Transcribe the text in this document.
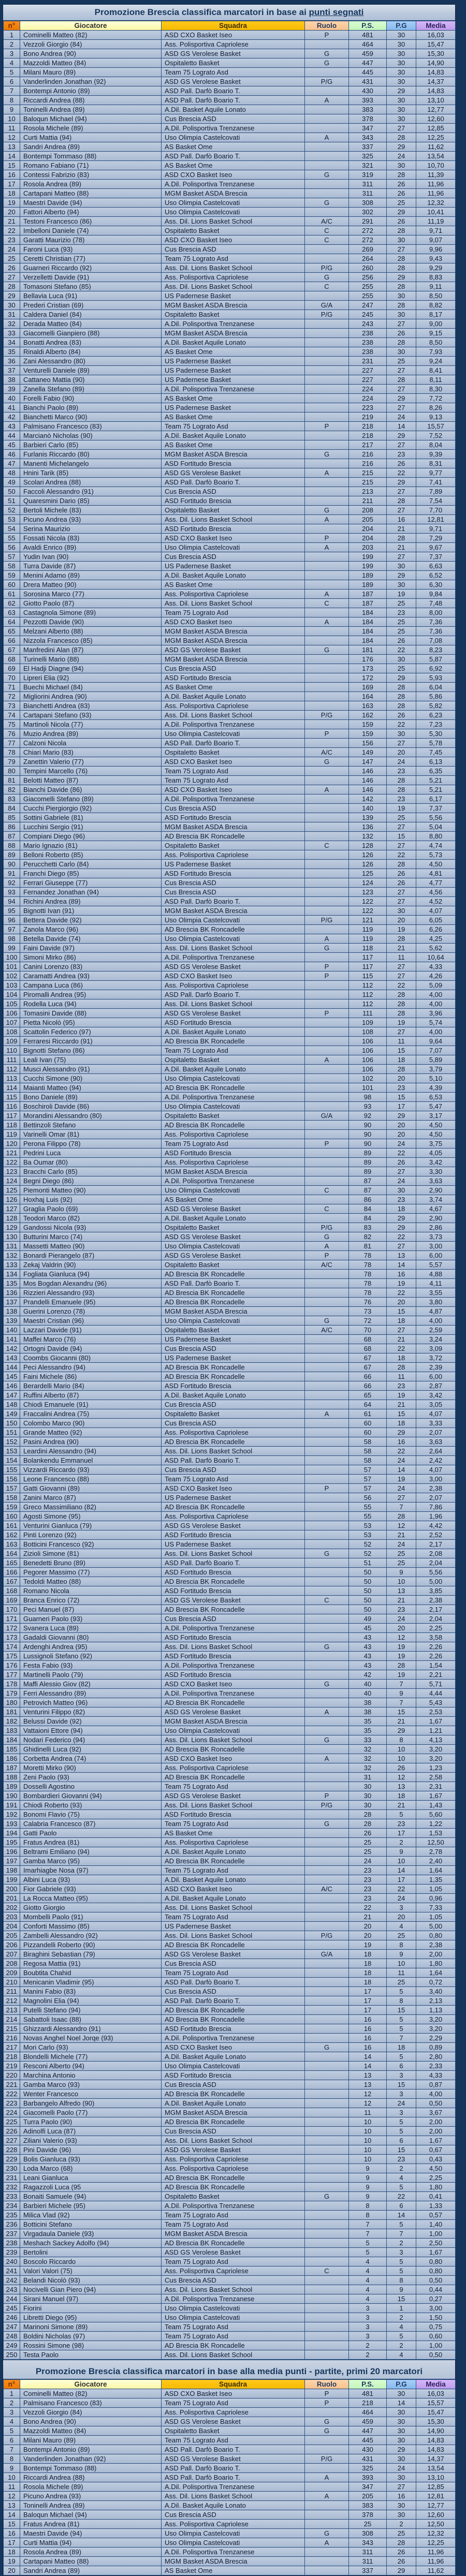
Promozione Brescia classifica marcatori in base ai punti segnati
n°	Giocatore	Squadra	Ruolo	P.S.	P.G	Media
1	Cominelli Matteo (82)	ASD CXO Basket Iseo	P	481	30	16,03
2	Vezzoli Giorgio (84)	Ass. Polisportiva Capriolese		464	30	15,47
3	Bono Andrea (90)	ASD GS Verolese Basket	G	459	30	15,30
4	Mazzoldi Matteo (84)	Ospitaletto Basket	G	447	30	14,90
5	Milani Mauro (89)	Team 75 Lograto Asd		445	30	14,83
6	Vanderlinden Jonathan (92)	ASD GS Verolese Basket	P/G	431	30	14,37
7	Bontempi Antonio (89)	ASD Pall. Darfò Boario T.		430	29	14,83
8	Riccardi Andrea (88)	ASD Pall. Darfò Boario T.	A	393	30	13,10
9	Toninelli Andrea (89)	A.Dil. Basket Aquile Lonato		383	30	12,77
10	Baloqun Michael (94)	Cus Brescia ASD		378	30	12,60
11	Rosola Michele (89)	A.Dil. Polisportiva Trenzanese		347	27	12,85
12	Curti Mattia (94)	Uso Olimpia Castelcovati	A	343	28	12,25
13	Sandri Andrea (89)	AS Basket Ome		337	29	11,62
14	Bontempi Tommaso (88)	ASD Pall. Darfò Boario T.		325	24	13,54
15	Romano Fabiano (71)	AS Basket Ome		321	30	10,70
16	Contessi Fabrizio (83)	ASD CXO Basket Iseo	G	319	28	11,39
17	Rosola Andrea (89)	A.Dil. Polisportiva Trenzanese		311	26	11,96
18	Cartapani Matteo (88)	MGM Basket ASDA Brescia		311	26	11,96
19	Maestri Davide (94)	Uso Olimpia Castelcovati	G	308	25	12,32
20	Fattori Alberto (94)	Uso Olimpia Castelcovati		302	29	10,41
21	Testoni Francesco (86)	Ass. Dil. Lions Basket School	A/C	291	26	11,19
22	Imbelloni Daniele (74)	Ospitaletto Basket	C	272	28	9,71
23	Garatti Maurizio (78)	ASD CXO Basket Iseo	C	272	30	9,07
24	Faroni Luca (93)	Cus Brescia ASD		269	27	9,96
25	Ceretti Christian (77)	Team 75 Lograto Asd		264	28	9,43
26	Guarneri Riccardo (92)	Ass. Dil. Lions Basket School	P/G	260	28	9,29
27	Verzelletti Davide (91)	Ass. Polisportiva Capriolese	G	256	29	8,83
28	Tomasoni Stefano (85)	Ass. Dil. Lions Basket School	C	255	28	9,11
29	Bellavia Luca (91)	US Padernese Basket		255	30	8,50
30	Prederi Cristian (69)	MGM Basket ASDA Brescia	G/A	247	28	8,82
31	Caldera Daniel (84)	Ospitaletto Basket	P/G	245	30	8,17
32	Derada Matteo (84)	A.Dil. Polisportiva Trenzanese		243	27	9,00
33	Giacomelli Gianpiero (88)	MGM Basket ASDA Brescia		238	26	9,15
34	Bonatti Andrea (83)	A.Dil. Basket Aquile Lonato		238	28	8,50
35	Rinaldi Alberto (84)	AS Basket Ome		238	30	7,93
36	Zani Alessandro (80)	US Padernese Basket		231	25	9,24
37	Venturelli Daniele (89)	US Padernese Basket		227	27	8,41
38	Cattaneo Mattia (90)	US Padernese Basket		227	28	8,11
39	Zanella Stefano (89)	A.Dil. Polisportiva Trenzanese		224	27	8,30
40	Forelli Fabio (90)	AS Basket Ome		224	29	7,72
41	Bianchi Paolo (89)	US Padernese Basket		223	27	8,26
42	Bianchetti Marco (90)	AS Basket Ome		219	24	9,13
43	Palmisano Francesco (83)	Team 75 Lograto Asd	P	218	14	15,57
44	Marcianò Nicholas (90)	A.Dil. Basket Aquile Lonato		218	29	7,52
45	Barbieri Carlo (85)	AS Basket Ome		217	27	8,04
46	Furlanis Riccardo (80)	MGM Basket ASDA Brescia	G	216	23	9,39
47	Manenti Michelangelo	ASD Fortitudo Brescia		216	26	8,31
48	Hnini Tarik (85)	ASD GS Verolese Basket	A	215	22	9,77
49	Scolari Andrea (88)	ASD Pall. Darfò Boario T.		215	29	7,41
50	Faccoli Alessandro (91)	Cus Brescia ASD		213	27	7,89
51	Quaresmini Dario (85)	ASD Fortitudo Brescia		211	28	7,54
52	Bertoli Michele (83)	Ospitaletto Basket	G	208	27	7,70
53	Picuno Andrea (93)	Ass. Dil. Lions Basket School	A	205	16	12,81
54	Serina Maurizio	ASD Fortitudo Brescia		204	21	9,71
55	Fossati Nicola (83)	ASD CXO Basket Iseo	P	204	28	7,29
56	Avaldi Enrico (89)	Uso Olimpia Castelcovati	A	203	21	9,67
57	Yudin Ivan (90)	Cus Brescia ASD		199	27	7,37
58	Turra Davide (87)	US Padernese Basket		199	30	6,63
59	Menini Adamo (89)	A.Dil. Basket Aquile Lonato		189	29	6,52
60	Drera Matteo (90)	AS Basket Ome		189	30	6,30
61	Sorosina Marco (77)	Ass. Polisportiva Capriolese	A	187	19	9,84
62	Giotto Paolo (87)	Ass. Dil. Lions Basket School	C	187	25	7,48
63	Castagnola Simone (89)	Team 75 Lograto Asd		184	23	8,00
64	Pezzotti Davide (90)	ASD CXO Basket Iseo	A	184	25	7,36
65	Melzani Alberto (88)	MGM Basket ASDA Brescia		184	25	7,36
66	Nizzola Francesco (85)	MGM Basket ASDA Brescia		184	26	7,08
67	Manfredini Alan (87)	ASD GS Verolese Basket	G	181	22	8,23
68	Turinelli Mario (88)	MGM Basket ASDA Brescia		176	30	5,87
69	El Hadji Diagne (94)	Cus Brescia ASD		173	25	6,92
70	Lipreri Elia (92)	ASD Fortitudo Brescia		172	29	5,93
71	Buechi Michael (84)	AS Basket Ome		169	28	6,04
72	Migliorini Andrea (90)	A.Dil. Basket Aquile Lonato		164	28	5,86
73	Bianchetti Andrea (83)	Ass. Polisportiva Capriolese		163	28	5,82
74	Cartapani Stefano (93)	Ass. Dil. Lions Basket School	P/G	162	26	6,23
75	Martinoli Nicola (77)	A.Dil. Polisportiva Trenzanese		159	22	7,23
76	Muzio Andrea (89)	Uso Olimpia Castelcovati	P	159	30	5,30
77	Calzoni Nicola	ASD Pall. Darfò Boario T.		156	27	5,78
78	Chiari Mario (83)	Ospitaletto Basket	A/C	149	20	7,45
79	Zanettin Valerio (77)	ASD CXO Basket Iseo	G	147	24	6,13
80	Tempini Marcello (76)	Team 75 Lograto Asd		146	23	6,35
81	Belotti Matteo (87)	Team 75 Lograto Asd		146	28	5,21
82	Bianchi Davide (86)	ASD CXO Basket Iseo	A	146	28	5,21
83	Giacomelli Stefano (89)	A.Dil. Polisportiva Trenzanese		142	23	6,17
84	Cucchi Piergiorgio (92)	Cus Brescia ASD		140	19	7,37
85	Sottini Gabriele (81)	ASD Fortitudo Brescia		139	25	5,56
86	Lucchini Sergio (91)	MGM Basket ASDA Brescia		136	27	5,04
87	Compiani Diego (96)	AD Brescia BK Roncadelle		132	15	8,80
88	Mario Ignazio (81)	Ospitaletto Basket	C	128	27	4,74
89	Belloni Roberto (85)	Ass. Polisportiva Capriolese		126	22	5,73
90	Perucchetti Carlo (84)	US Padernese Basket		126	28	4,50
91	Franchi Diego (85)	ASD Fortitudo Brescia		125	26	4,81
92	Ferrari Giuseppe (77)	Cus Brescia ASD		124	26	4,77
93	Fernandez Jonathan (94)	Cus Brescia ASD		123	27	4,56
94	Richini Andrea (89)	ASD Pall. Darfò Boario T.		122	27	4,52
95	Bignotti Ivan (91)	MGM Basket ASDA Brescia		122	30	4,07
96	Bettera Davide (92)	Uso Olimpia Castelcovati	P/G	121	20	6,05
97	Zanola Marco (96)	AD Brescia BK Roncadelle		119	19	6,26
98	Betella Davide (74)	Uso Olimpia Castelcovati	A	119	28	4,25
99	Faini Davide (97)	Ass. Dil. Lions Basket School	G	118	21	5,62
100	Simoni Mirko (86)	A.Dil. Polisportiva Trenzanese		117	11	10,64
101	Canini Lorenzo (83)	ASD GS Verolese Basket	P	117	27	4,33
102	Caramatti Andrea (93)	ASD CXO Basket Iseo	P	115	27	4,26
103	Campana Luca (86)	Ass. Polisportiva Capriolese		112	22	5,09
104	Piromalli Andrea (95)	ASD Pall. Darfò Boario T.		112	28	4,00
105	Rodella Luca (94)	Ass. Dil. Lions Basket School		112	28	4,00
106	Tomasini Davide (88)	ASD GS Verolese Basket	P	111	28	3,96
107	Pietta Nicolò (95)	ASD Fortitudo Brescia		109	19	5,74
108	Scattolin Federico (97)	A.Dil. Basket Aquile Lonato		108	27	4,00
109	Ferraresi Riccardo (91)	AD Brescia BK Roncadelle		106	11	9,64
110	Bignotti Stefano (86)	Team 75 Lograto Asd		106	15	7,07
111	Leali Ivan (75)	Ospitaletto Basket	A	106	18	5,89
112	Musci Alessandro (91)	A.Dil. Basket Aquile Lonato		106	28	3,79
113	Cucchi Simone (90)	Uso Olimpia Castelcovati		102	20	5,10
114	Maianti Matteo (94)	AD Brescia BK Roncadelle		101	23	4,39
115	Bono Daniele (89)	A.Dil. Polisportiva Trenzanese		98	15	6,53
116	Boschiroli Davide (86)	Uso Olimpia Castelcovati		93	17	5,47
117	Morandini Alessandro (80)	Ospitaletto Basket	G/A	92	29	3,17
118	Bettinzoli Stefano	AD Brescia BK Roncadelle		90	20	4,50
119	Varinelli Omar (81)	Ass. Polisportiva Capriolese		90	20	4,50
120	Perona Filippo (78)	Team 75 Lograto Asd	P	90	24	3,75
121	Pedrini Luca	ASD Fortitudo Brescia		89	22	4,05
122	Ba Oumar (80)	Ass. Polisportiva Capriolese		89	26	3,42
123	Bracchi Carlo (85)	MGM Basket ASDA Brescia		89	27	3,30
124	Begni Diego (86)	A.Dil. Polisportiva Trenzanese		87	24	3,63
125	Piemonti Matteo (90)	Uso Olimpia Castelcovati	C	87	30	2,90
126	Hoxhaj Luis (92)	AS Basket Ome		86	23	3,74
127	Graglia Paolo (69)	ASD GS Verolese Basket	C	84	18	4,67
128	Teodori Marco (82)	A.Dil. Basket Aquile Lonato		84	29	2,90
129	Gandossi Nicola (93)	Ospitaletto Basket	P/G	83	29	2,86
130	Butturini Marco (74)	ASD GS Verolese Basket	G	82	22	3,73
131	Massetti Matteo (90)	Uso Olimpia Castelcovati	A	81	27	3,00
132	Bonardi Pierangelo (87)	ASD GS Verolese Basket	P	78	13	6,00
133	Zekaj Valdrin (90)	Ospitaletto Basket	A/C	78	14	5,57
134	Fogliata Gianluca (94)	AD Brescia BK Roncadelle		78	16	4,88
135	Mos Bogdan Alexandru (96)	ASD Pall. Darfò Boario T.		78	19	4,11
136	Rizzieri Alessandro (93)	AD Brescia BK Roncadelle		78	22	3,55
137	Prandelli Emanuele (95)	AD Brescia BK Roncadelle		76	20	3,80
138	Guerini Lorenzo (78)	MGM Basket ASDA Brescia		73	15	4,87
139	Maestri Cristian (96)	Uso Olimpia Castelcovati	G	72	18	4,00
140	Lazzari Davide (91)	Ospitaletto Basket	A/C	70	27	2,59
141	Maffei Marco (76)	US Padernese Basket		68	21	3,24
142	Ortogni Davide (94)	Cus Brescia ASD		68	22	3,09
143	Coombs Giocanni (80)	US Padernese Basket		67	18	3,72
144	Peci Alessandro (94)	AD Brescia BK Roncadelle		67	28	2,39
145	Faini Michele (86)	AD Brescia BK Roncadelle		66	11	6,00
146	Berardelli Mario (84)	ASD Fortitudo Brescia		66	23	2,87
147	Ruffini Alberto (87)	A.Dil. Basket Aquile Lonato		65	19	3,42
148	Chiodi Emanuele (91)	Cus Brescia ASD		64	21	3,05
149	Fraccalini Andrea (75)	Ospitaletto Basket	A	61	15	4,07
150	Colombo Marco (90)	Cus Brescia ASD		60	18	3,33
151	Grande Matteo (92)	Ass. Polisportiva Capriolese		60	29	2,07
152	Pasini Andrea (90)	AD Brescia BK Roncadelle		58	16	3,63
153	Leardini Alessandro (94)	Ass. Dil. Lions Basket School		58	22	2,64
154	Bolankendu Emmanuel	ASD Pall. Darfò Boario T.		58	24	2,42
155	Vizzardi Riccardo (93)	Cus Brescia ASD		57	14	4,07
156	Leone Francesco (88)	Team 75 Lograto Asd		57	19	3,00
157	Gatti Giovanni (89)	ASD CXO Basket Iseo	P	57	24	2,38
158	Zanini Marco (87)	US Padernese Basket		56	27	2,07
159	Greco Massimiliano (82)	AD Brescia BK Roncadelle		55	7	7,86
160	Agosti Simone (95)	Ass. Polisportiva Capriolese		55	28	1,96
161	Venturini Gianluca (79)	ASD GS Verolese Basket		53	12	4,42
162	Pinti Lorenzo (92)	ASD Fortitudo Brescia		53	21	2,52
163	Botticini Francesco (92)	US Padernese Basket		52	24	2,17
164	Zizioli Simone (81)	Ass. Dil. Lions Basket School	G	52	25	2,08
165	Benedetti Bruno (89)	ASD Pall. Darfò Boario T.		51	25	2,04
166	Pegorer Massimo (77)	ASD Fortitudo Brescia		50	9	5,56
167	Tedoldi Matteo (88)	AD Brescia BK Roncadelle		50	10	5,00
168	Romano Nicola	ASD Fortitudo Brescia		50	13	3,85
169	Branca Enrico (72)	ASD GS Verolese Basket	C	50	21	2,38
170	Peci Manuel (87)	AD Brescia BK Roncadelle		50	23	2,17
171	Guarneri Paolo (93)	Cus Brescia ASD		49	24	2,04
172	Svanera Luca (89)	A.Dil. Polisportiva Trenzanese		45	20	2,25
173	Gadaldi Giovanni (80)	ASD Fortitudo Brescia		43	12	3,58
174	Ardenghi Andrea (95)	Ass. Dil. Lions Basket School	G	43	19	2,26
175	Lussignoli Stefano (92)	ASD Fortitudo Brescia		43	19	2,26
176	Festa Fabio (93)	A.Dil. Polisportiva Trenzanese		43	28	1,54
177	Martinelli Paolo (79)	ASD Fortitudo Brescia		42	19	2,21
178	Maffi Alessio Giov (82)	ASD CXO Basket Iseo	G	40	7	5,71
179	Ferri Alessandro (89)	A.Dil. Polisportiva Trenzanese		40	9	4,44
180	Petrovich Matteo (96)	AD Brescia BK Roncadelle		38	7	5,43
181	Venturini Filippo (82)	ASD GS Verolese Basket	A	38	15	2,53
182	Belussi Davide (92)	MGM Basket ASDA Brescia		35	21	1,67
183	Vattaioni Ettore (94)	Uso Olimpia Castelcovati		35	29	1,21
184	Nodari Federico (94)	Ass. Dil. Lions Basket School	G	33	8	4,13
185	Ghidinelli Luca (92)	AD Brescia BK Roncadelle		32	10	3,20
186	Corbetta Andrea (74)	ASD CXO Basket Iseo	A	32	10	3,20
187	Moretti Mirko (90)	Ass. Polisportiva Capriolese		32	26	1,23
188	Zeni Paolo (93)	AD Brescia BK Roncadelle		31	12	2,58
189	Dosselli Agostino	Team 75 Lograto Asd		30	13	2,31
190	Bombardieri Giovanni (94)	ASD GS Verolese Basket	P	30	18	1,67
191	Chiodi Roberto (93)	Ass. Dil. Lions Basket School	P/G	30	21	1,43
192	Bonomi Flavio (75)	ASD Fortitudo Brescia		28	5	5,60
193	Calabria Francesco (87)	Team 75 Lograto Asd	G	28	23	1,22
194	Gatti Paolo	AS Basket Ome		26	17	1,53
195	Fratus Andrea (81)	Ass. Polisportiva Capriolese		25	2	12,50
196	Beltrami Emiliano (94)	A.Dil. Basket Aquile Lonato		25	9	2,78
197	Gamba Marco (95)	AD Brescia BK Roncadelle		24	10	2,40
198	Imarhiagbe Nosa (97)	Team 75 Lograto Asd		23	14	1,64
199	Albini Luca (93)	A.Dil. Basket Aquile Lonato		23	17	1,35
200	Fior Gabriele (93)	ASD CXO Basket Iseo	A/C	23	22	1,05
201	La Rocca Matteo (95)	A.Dil. Basket Aquile Lonato		23	24	0,96
202	Giotto Giorgio	Ass. Dil. Lions Basket School		22	3	7,33
203	Mombelli Paolo (91)	Team 75 Lograto Asd		21	20	1,05
204	Conforti Massimo (85)	US Padernese Basket		20	4	5,00
205	Zambelli Alessandro (92)	Ass. Dil. Lions Basket School	P/G	20	25	0,80
206	Pizzandelli Roberto (90)	AD Brescia BK Roncadelle		19	8	2,38
207	Biraghini Sebastian (79)	ASD GS Verolese Basket	G/A	18	9	2,00
208	Regosa Mattia (91)	Cus Brescia ASD		18	10	1,80
209	Boubtita Chahid	Team 75 Lograto Asd		18	11	1,64
210	Menicanin Vladimir (95)	ASD Pall. Darfò Boario T.		18	25	0,72
211	Manini Fabio (83)	Cus Brescia ASD		17	5	3,40
212	Magnolini Elia (94)	ASD Pall. Darfò Boario T.		17	8	2,13
213	Putelli Stefano (94)	AD Brescia BK Roncadelle		17	15	1,13
214	Sabattoli Isaac (88)	AD Brescia BK Roncadelle		16	5	3,20
215	Ghizzardi Alessandro (91)	ASD Fortitudo Brescia		16	5	3,20
216	Novas Anghel Noel Jorqe (93)	A.Dil. Polisportiva Trenzanese		16	7	2,29
217	Mori Carlo (93)	ASD CXO Basket Iseo	G	16	18	0,89
218	Blondelli Michele (77)	A.Dil. Basket Aquile Lonato		14	5	2,80
219	Resconi Alberto (94)	Uso Olimpia Castelcovati		14	6	2,33
220	Marchina Antonio	ASD Fortitudo Brescia		13	3	4,33
221	Gamba Marco (93)	Cus Brescia ASD		13	15	0,87
222	Wenter Francesco	AD Brescia BK Roncadelle		12	3	4,00
223	Barbangelo Alfredo (90)	A.Dil. Basket Aquile Lonato		12	24	0,50
224	Giacomelli Paolo (77)	MGM Basket ASDA Brescia		11	3	3,67
225	Turra Paolo (90)	AD Brescia BK Roncadelle		10	5	2,00
226	Adinolfi Luca (87)	Cus Brescia ASD		10	5	2,00
227	Ziliani Valerio (93)	Ass. Dil. Lions Basket School		10	6	1,67
228	Pini Davide (96)	ASD GS Verolese Basket		10	15	0,67
229	Bolis Gianluca (93)	Ass. Polisportiva Capriolese		10	23	0,43
230	Loda Marco (68)	Ass. Polisportiva Capriolese		9	2	4,50
231	Leani Gianluca	AD Brescia BK Roncadelle		9	4	2,25
232	Ragazzoli Luca (95	AD Brescia BK Roncadelle		9	5	1,80
233	Bonaiti Samuele (94)	Ospitaletto Basket	G	9	22	0,41
234	Barbieri Michele (95)	A.Dil. Polisportiva Trenzanese		8	6	1,33
235	Milica Vlad (92)	Team 75 Lograto Asd		8	14	0,57
236	Botticini Stefano	Team 75 Lograto Asd		7	5	1,40
237	Virgadaula Daniele (93)	MGM Basket ASDA Brescia		7	7	1,00
238	Meshach Sackey Adolfo (94)	AD Brescia BK Roncadelle		5	2	2,50
239	Bertolini	ASD GS Verolese Basket		5	3	1,67
240	Boscolo Riccardo	Team 75 Lograto Asd		4	5	0,80
241	Valori Valori (75)	Ass. Polisportiva Capriolese	C	4	5	0,80
242	Belandi Nicolò (93)	Cus Brescia ASD		4	8	0,50
243	Nocivelli Gian Piero (94)	Ass. Dil. Lions Basket School		4	9	0,44
244	Sirani Manuel (97)	A.Dil. Polisportiva Trenzanese		4	15	0,27
245	Fiorini	Uso Olimpia Castelcovati		3	1	3,00
246	Libretti Diego (95)	Uso Olimpia Castelcovati		3	2	1,50
247	Marinoni Simone (89)	Team 75 Lograto Asd		3	4	0,75
248	Boldini Nicholas (97)	Team 75 Lograto Asd		3	5	0,60
249	Rossini Simone (98)	AD Brescia BK Roncadelle		2	2	1,00
250	Testa Paolo	Ass. Dil. Lions Basket School		2	4	0,50
Promozione Brescia classifica marcatori in base alla media punti - partite, primi 20 marcatori
n°	Giocatore	Squadra	Ruolo	P.S.	P.G	Media
1	Cominelli Matteo (82)	ASD CXO Basket Iseo	P	481	30	16,03
2	Palmisano Francesco (83)	Team 75 Lograto Asd	P	218	14	15,57
3	Vezzoli Giorgio (84)	Ass. Polisportiva Capriolese		464	30	15,47
4	Bono Andrea (90)	ASD GS Verolese Basket	G	459	30	15,30
5	Mazzoldi Matteo (84)	Ospitaletto Basket	G	447	30	14,90
6	Milani Mauro (89)	Team 75 Lograto Asd		445	30	14,83
7	Bontempi Antonio (89)	ASD Pall. Darfò Boario T.		430	29	14,83
8	Vanderlinden Jonathan (92)	ASD GS Verolese Basket	P/G	431	30	14,37
9	Bontempi Tommaso (88)	ASD Pall. Darfò Boario T.		325	24	13,54
10	Riccardi Andrea (88)	ASD Pall. Darfò Boario T.	A	393	30	13,10
11	Rosola Michele (89)	A.Dil. Polisportiva Trenzanese		347	27	12,85
12	Picuno Andrea (93)	Ass. Dil. Lions Basket School	A	205	16	12,81
13	Toninelli Andrea (89)	A.Dil. Basket Aquile Lonato		383	30	12,77
14	Baloqun Michael (94)	Cus Brescia ASD		378	30	12,60
15	Fratus Andrea (81)	Ass. Polisportiva Capriolese		25	2	12,50
16	Maestri Davide (94)	Uso Olimpia Castelcovati	G	308	25	12,32
17	Curti Mattia (94)	Uso Olimpia Castelcovati	A	343	28	12,25
18	Rosola Andrea (89)	A.Dil. Polisportiva Trenzanese		311	26	11,96
19	Cartapani Matteo (88)	MGM Basket ASDA Brescia		311	26	11,96
20	Sandri Andrea (89)	AS Basket Ome		337	29	11,62
